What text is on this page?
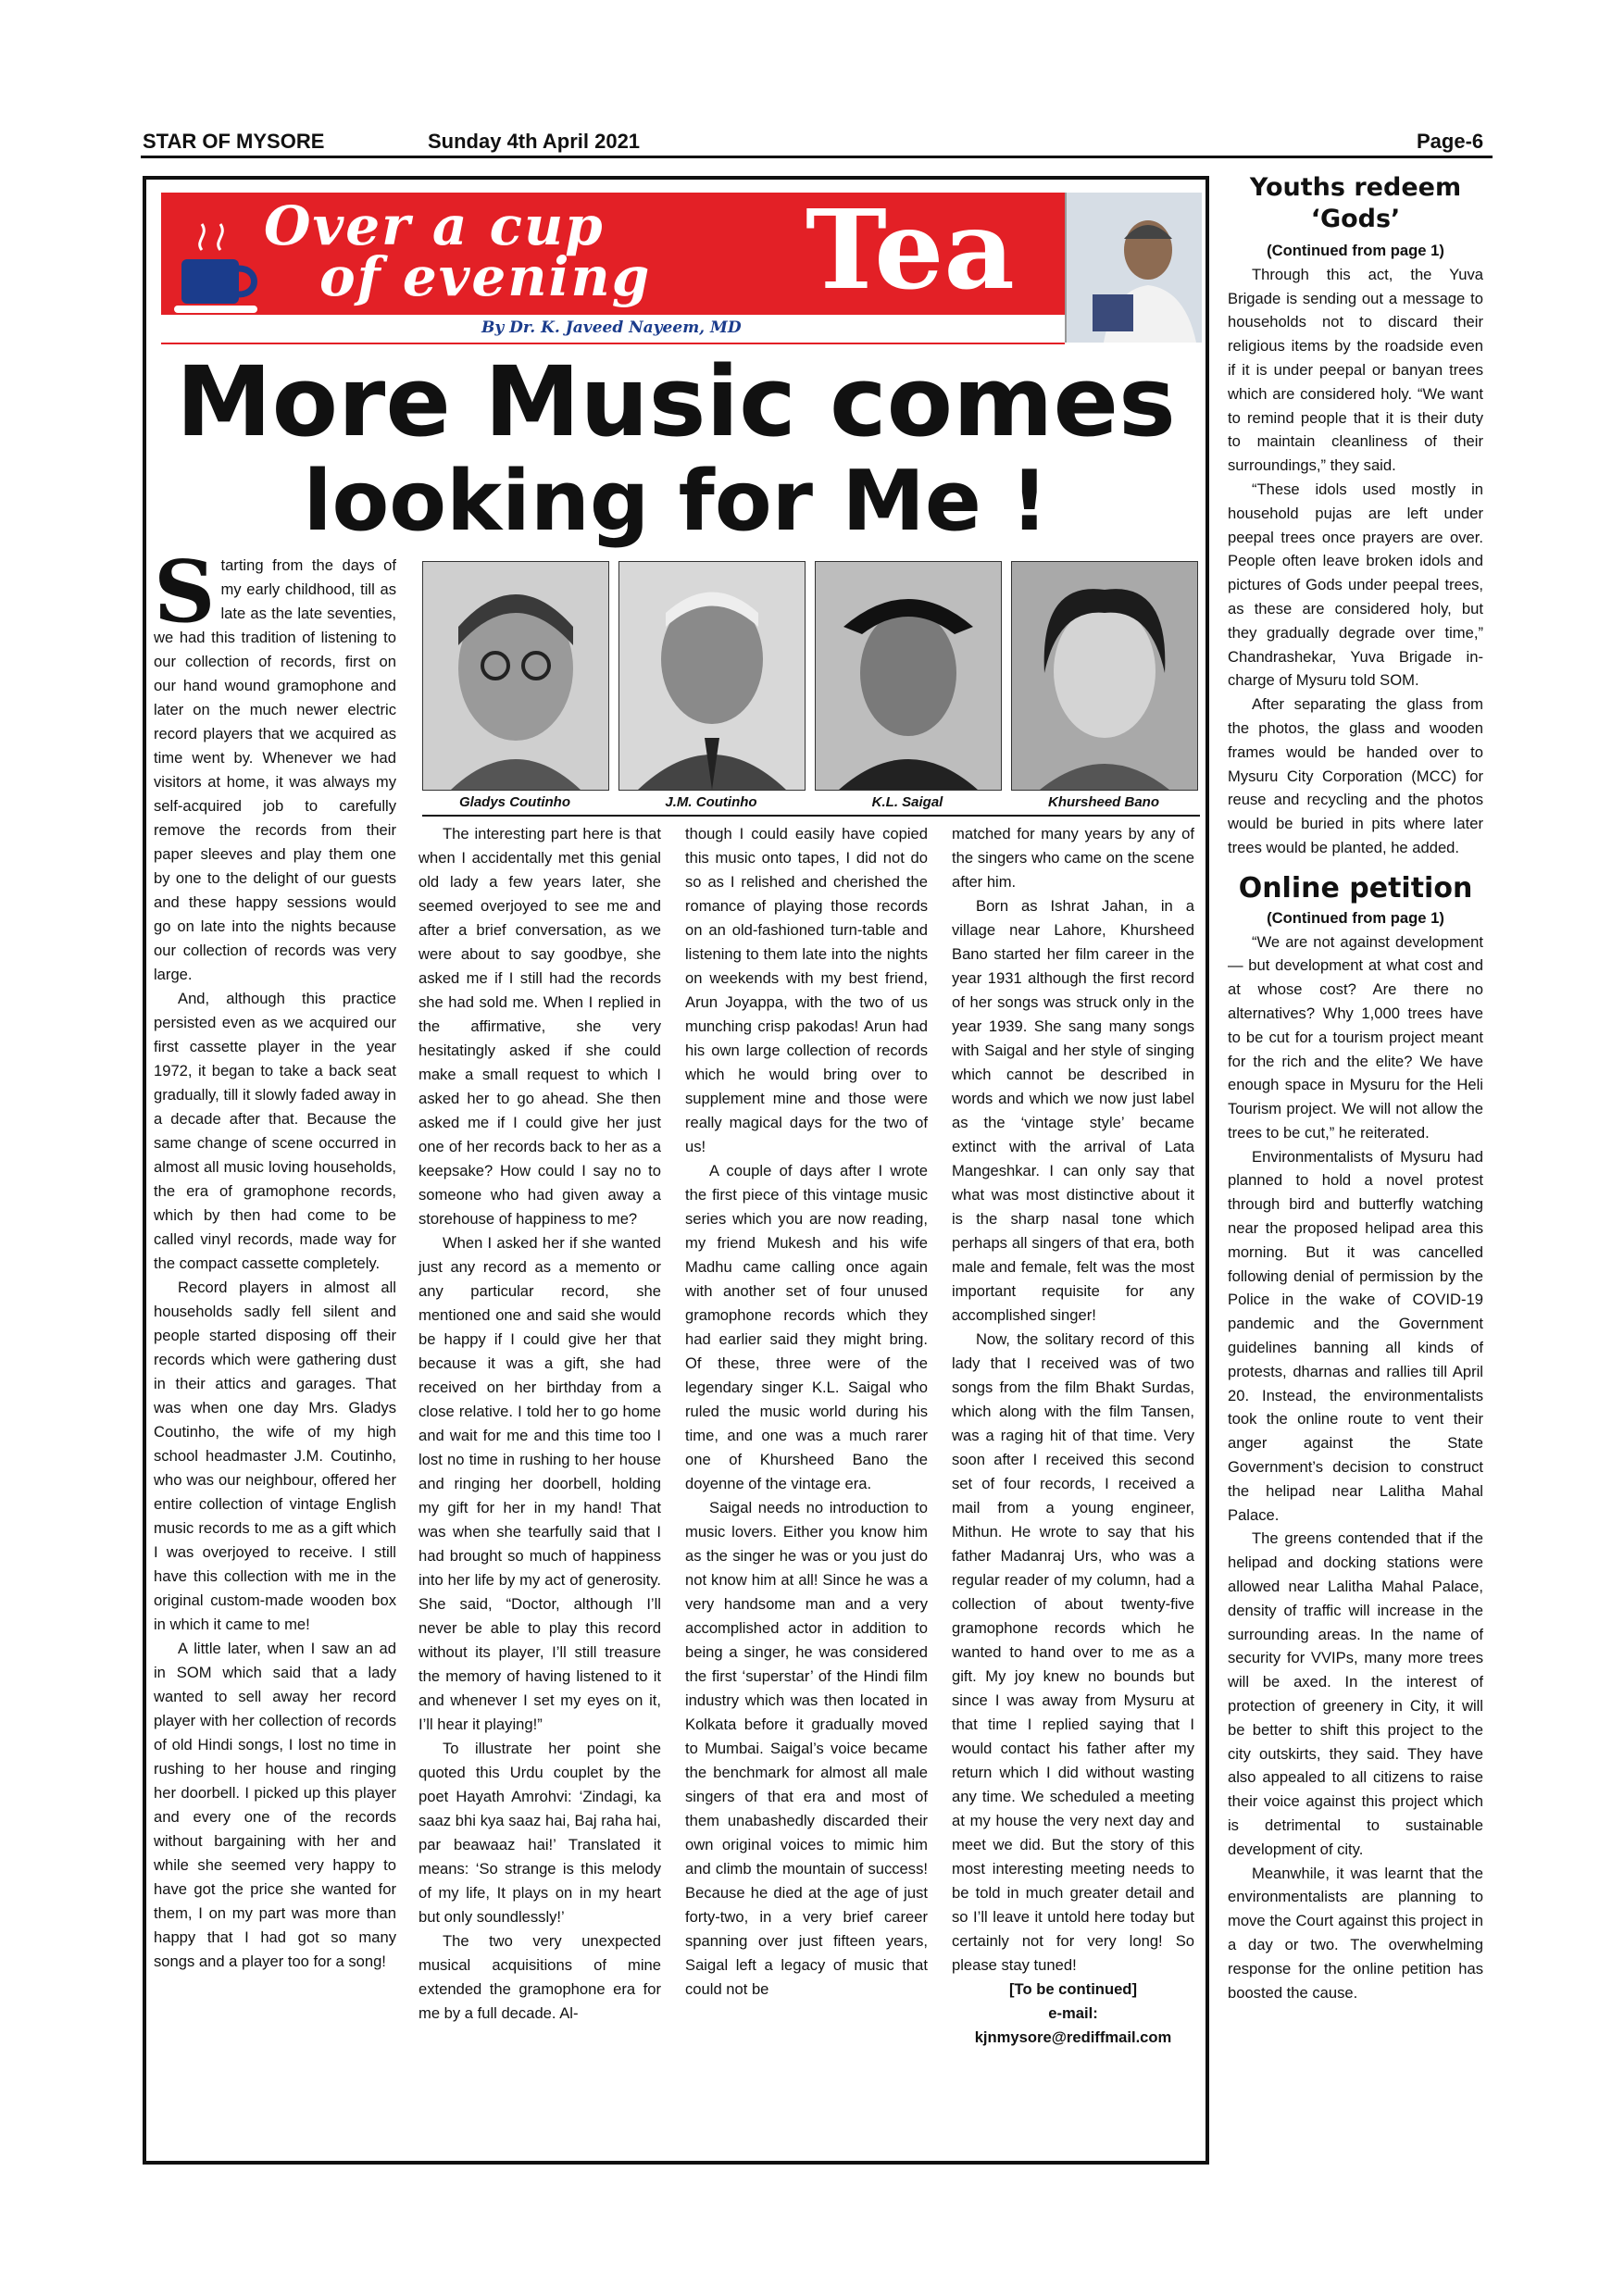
STAR OF MYSORE	Sunday 4th April 2021	Page-6
Over a cup
of evening Tea
By Dr. K. Javeed Nayeem, MD
More Music comes
looking for Me !
Gladys Coutinho	J.M. Coutinho	K.L. Saigal	Khursheed Bano

Starting from the days of my early childhood, till as late as the late seventies, we had this tradition of listening to our collection of records, first on our hand wound gramophone and later on the much newer electric record players that we acquired as time went by. Whenever we had visitors at home, it was always my self-acquired job to carefully remove the records from their paper sleeves and play them one by one to the delight of our guests and these happy sessions would go on late into the nights because our collection of records was very large.

And, although this practice persisted even as we acquired our first cassette player in the year 1972, it began to take a back seat gradually, till it slowly faded away in a decade after that. Because the same change of scene occurred in almost all music loving households, the era of gramophone records, which by then had come to be called vinyl records, made way for the compact cassette completely.

Record players in almost all households sadly fell silent and people started disposing off their records which were gathering dust in their attics and garages. That was when one day Mrs. Gladys Coutinho, the wife of my high school headmaster J.M. Coutinho, who was our neighbour, offered her entire collection of vintage English music records to me as a gift which I was overjoyed to receive. I still have this collection with me in the original custom-made wooden box in which it came to me!

A little later, when I saw an ad in SOM which said that a lady wanted to sell away her record player with her collection of records of old Hindi songs, I lost no time in rushing to her house and ringing her doorbell. I picked up this player and every one of the records without bargaining with her and while she seemed very happy to have got the price she wanted for them, I on my part was more than happy that I had got so many songs and a player too for a song!

The interesting part here is that when I accidentally met this genial old lady a few years later, she seemed overjoyed to see me and after a brief conversation, as we were about to say goodbye, she asked me if I still had the records she had sold me. When I replied in the affirmative, she very hesitatingly asked if she could make a small request to which I asked her to go ahead. She then asked me if I could give her just one of her records back to her as a keepsake? How could I say no to someone who had given away a storehouse of happiness to me?

When I asked her if she wanted just any record as a memento or any particular record, she mentioned one and said she would be happy if I could give her that because it was a gift, she had received on her birthday from a close relative. I told her to go home and wait for me and this time too I lost no time in rushing to her house and ringing her doorbell, holding my gift for her in my hand! That was when she tearfully said that I had brought so much of happiness into her life by my act of generosity. She said, “Doctor, although I’ll never be able to play this record without its player, I’ll still treasure the memory of having listened to it and whenever I set my eyes on it, I’ll hear it playing!”

To illustrate her point she quoted this Urdu couplet by the poet Hayath Amrohvi: ‘Zindagi, ka saaz bhi kya saaz hai, Baj raha hai, par beawaaz hai!’ Translated it means: ‘So strange is this melody of my life, It plays on in my heart but only soundlessly!’

The two very unexpected musical acquisitions of mine extended the gramophone era for me by a full decade. Al-

though I could easily have copied this music onto tapes, I did not do so as I relished and cherished the romance of playing those records on an old-fashioned turn-table and listening to them late into the nights on weekends with my best friend, Arun Joyappa, with the two of us munching crisp pakodas! Arun had his own large collection of records which he would bring over to supplement mine and those were really magical days for the two of us!

A couple of days after I wrote the first piece of this vintage music series which you are now reading, my friend Mukesh and his wife Madhu came calling once again with another set of four unused gramophone records which they had earlier said they might bring. Of these, three were of the legendary singer K.L. Saigal who ruled the music world during his time, and one was a much rarer one of Khursheed Bano the doyenne of the vintage era.

Saigal needs no introduction to music lovers. Either you know him as the singer he was or you just do not know him at all! Since he was a very handsome man and a very accomplished actor in addition to being a singer, he was considered the first ‘superstar’ of the Hindi film industry which was then located in Kolkata before it gradually moved to Mumbai. Saigal’s voice became the benchmark for almost all male singers of that era and most of them unabashedly discarded their own original voices to mimic him and climb the mountain of success! Because he died at the age of just forty-two, in a very brief career spanning over just fifteen years, Saigal left a legacy of music that could not be

matched for many years by any of the singers who came on the scene after him.

Born as Ishrat Jahan, in a village near Lahore, Khursheed Bano started her film career in the year 1931 although the first record of her songs was struck only in the year 1939. She sang many songs with Saigal and her style of singing which cannot be described in words and which we now just label as the ‘vintage style’ became extinct with the arrival of Lata Mangeshkar. I can only say that what was most distinctive about it is the sharp nasal tone which perhaps all singers of that era, both male and female, felt was the most important requisite for any accomplished singer!

Now, the solitary record of this lady that I received was of two songs from the film Bhakt Surdas, which along with the film Tansen, was a raging hit of that time. Very soon after I received this second set of four records, I received a mail from a young engineer, Mithun. He wrote to say that his father Madanraj Urs, who was a regular reader of my column, had a collection of about twenty-five gramophone records which he wanted to hand over to me as a gift. My joy knew no bounds but since I was away from Mysuru at that time I replied saying that I would contact his father after my return which I did without wasting any time. We scheduled a meeting at my house the very next day and meet we did. But the story of this most interesting meeting needs to be told in much greater detail and so I’ll leave it untold here today but certainly not for very long! So please stay tuned!

[To be continued]
e-mail:
kjnmysore@rediffmail.com
Youths redeem ‘Gods’
(Continued from page 1)

Through this act, the Yuva Brigade is sending out a message to households not to discard their religious items by the roadside even if it is under peepal or banyan trees which are considered holy. “We want to remind people that it is their duty to maintain cleanliness of their surroundings,” they said.

“These idols used mostly in household pujas are left under peepal trees once prayers are over. People often leave broken idols and pictures of Gods under peepal trees, as these are considered holy, but they gradually degrade over time,” Chandrashekar, Yuva Brigade in-charge of Mysuru told SOM.

After separating the glass from the photos, the glass and wooden frames would be handed over to Mysuru City Corporation (MCC) for reuse and recycling and the photos would be buried in pits where later trees would be planted, he added.

Online petition
(Continued from page 1)

“We are not against development — but development at what cost and at whose cost? Are there no alternatives? Why 1,000 trees have to be cut for a tourism project meant for the rich and the elite? We have enough space in Mysuru for the Heli Tourism project. We will not allow the trees to be cut,” he reiterated.

Environmentalists of Mysuru had planned to hold a novel protest through bird and butterfly watching near the proposed helipad area this morning. But it was cancelled following denial of permission by the Police in the wake of COVID-19 pandemic and the Government guidelines banning all kinds of protests, dharnas and rallies till April 20. Instead, the environmentalists took the online route to vent their anger against the State Government’s decision to construct the helipad near Lalitha Mahal Palace.

The greens contended that if the helipad and docking stations were allowed near Lalitha Mahal Palace, density of traffic will increase in the surrounding areas. In the name of security for VVIPs, many more trees will be axed. In the interest of protection of greenery in City, it will be better to shift this project to the city outskirts, they said. They have also appealed to all citizens to raise their voice against this project which is detrimental to sustainable development of city.

Meanwhile, it was learnt that the environmentalists are planning to move the Court against this project in a day or two. The overwhelming response for the online petition has boosted the cause.
